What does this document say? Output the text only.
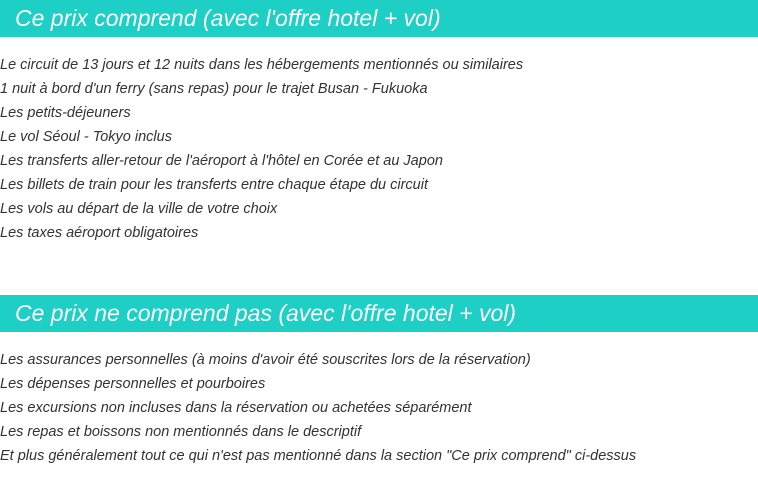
Ce prix comprend (avec l'offre hotel + vol)
Le circuit de 13 jours et 12 nuits dans les hébergements mentionnés ou similaires
1 nuit à bord d'un ferry (sans repas) pour le trajet Busan - Fukuoka
Les petits-déjeuners
Le vol Séoul - Tokyo inclus
Les transferts aller-retour de l'aéroport à l'hôtel en Corée et au Japon
Les billets de train pour les transferts entre chaque étape du circuit
Les vols au départ de la ville de votre choix
Les taxes aéroport obligatoires
Ce prix ne comprend pas (avec l'offre hotel + vol)
Les assurances personnelles (à moins d'avoir été souscrites lors de la réservation)
Les dépenses personnelles et pourboires
Les excursions non incluses dans la réservation ou achetées séparément
Les repas et boissons non mentionnés dans le descriptif
Et plus généralement tout ce qui n'est pas mentionné dans la section "Ce prix comprend" ci-dessus
